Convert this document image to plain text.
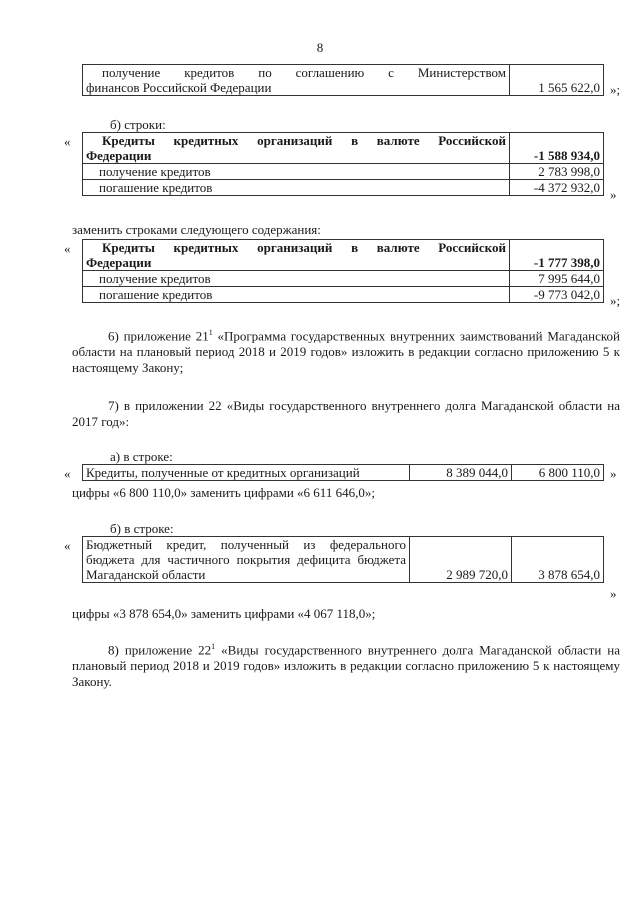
8
получение кредитов по соглашению с Министерством
финансов Российской Федерации	1 565 622,0 »;
б) строки:
«	Кредиты кредитных организаций в валюте Российской
Федерации	-1 588 934,0
получение кредитов	2 783 998,0
погашение кредитов	-4 372 932,0 »
заменить строками следующего содержания:
«	Кредиты кредитных организаций в валюте Российской
Федерации	-1 777 398,0
получение кредитов	7 995 644,0
погашение кредитов	-9 773 042,0 »;
6) приложение $21^1$ «Программа государственных внутренних заимствований Магаданской области на плановый период 2018 и 2019 годов» изложить в редакции согласно приложению 5 к настоящему Закону;
7) в приложении 22 «Виды государственного внутреннего долга Магаданской области на 2017 год»:
а) в строке:
« Кредиты, полученные от кредитных организаций	8 389 044,0	6 800 110,0 »
цифры «6 800 110,0» заменить цифрами «6 611 646,0»;
б) в строке:
« Бюджетный кредит, полученный из федерального бюджета для частичного покрытия дефицита бюджета Магаданской области	2 989 720,0	3 878 654,0
»
цифры «3 878 654,0» заменить цифрами «4 067 118,0»;
8) приложение $22^1$ «Виды государственного внутреннего долга Магаданской области на плановый период 2018 и 2019 годов» изложить в редакции согласно приложению 5 к настоящему Закону.
